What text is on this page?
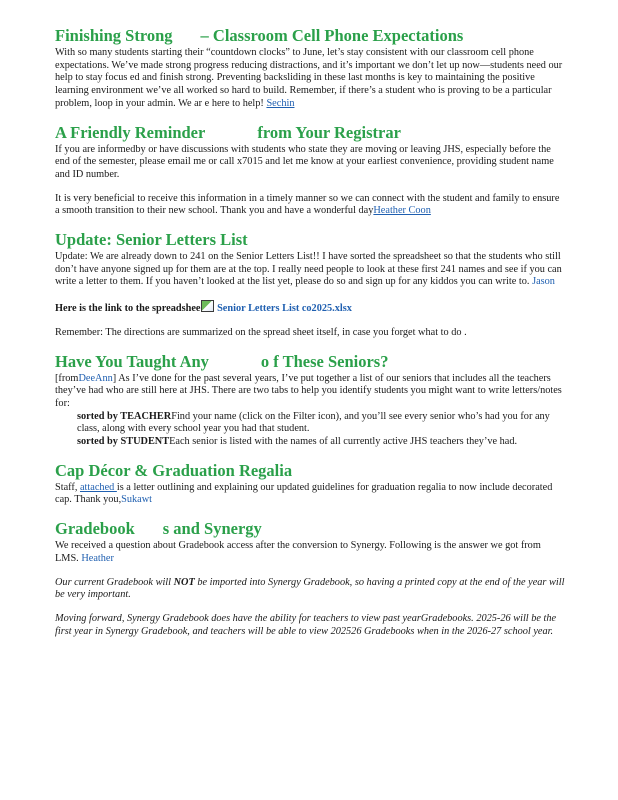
Finishing Strong – Classroom Cell Phone Expectations

With so many students starting their “countdown clocks” to June, let’s stay consistent with our classroom cell phone expectations. We’ve made strong progress reducing distractions, and it’s important we don’t let up now—students need our help to stay focus ed and finish strong. Preventing backsliding in these last months is key to maintaining the positive learning environment we’ve all worked so hard to build. Remember, if there’s a student who is proving to be a particular problem, loop in your admin. We ar e here to help! Sechin

A Friendly Reminder	from Your Registrar

If you are informedby or have discussions with students who state they are moving or leaving JHS, especially before the end of the semester, please email me or call x7015 and let me know at your earliest convenience, providing student name and ID number.

It is very beneficial to receive this information in a timely manner so we can connect with the student and family to ensure a smooth transition to their new school. Thank you and have a wonderful dayHeather Coon

Update: Senior Letters List

Update: We are already down to 241 on the Senior Letters List!! I have sorted the spreadsheet so that the students who still don’t have anyone signed up for them are at the top. I really need people to look at these first 241 names and see if you can write a letter to them. If you haven’t looked at the list yet, please do so and sign up for any kiddos you can write to. Jason

Here is the link to the spreadshee Senior Letters List co2025.xlsx

Remember: The directions are summarized on the spread sheet itself, in case you forget what to do .

Have You Taught Any	o f These Seniors?

[fromDeeAnn] As I’ve done for the past several years, I’ve put together a list of our seniors that includes all the teachers they’ve had who are still here at JHS. There are two tabs to help you identify students you might want to write letters/notes for:

sorted by TEACHERFind your name (click on the Filter icon), and you’ll see every senior who’s had you for any class, along with every school year you had that student.
sorted by STUDENTEach senior is listed with the names of all currently active JHS teachers they’ve had.
Cap Décor & Graduation Regalia

Staff, attached is a letter outlining and explaining our updated guidelines for graduation regalia to now include decorated cap. Thank you,Sukawt

Gradebook s and Synergy

We received a question about Gradebook access after the conversion to Synergy. Following is the answer we got from LMS. Heather

Our current Gradebook will NOT be imported into Synergy Gradebook, so having a printed copy at the end of the year will be very important.

Moving forward, Synergy Gradebook does have the ability for teachers to view past yearGradebooks. 2025-26 will be the first year in Synergy Gradebook, and teachers will be able to view 202526 Gradebooks when in the 2026-27 school year.
